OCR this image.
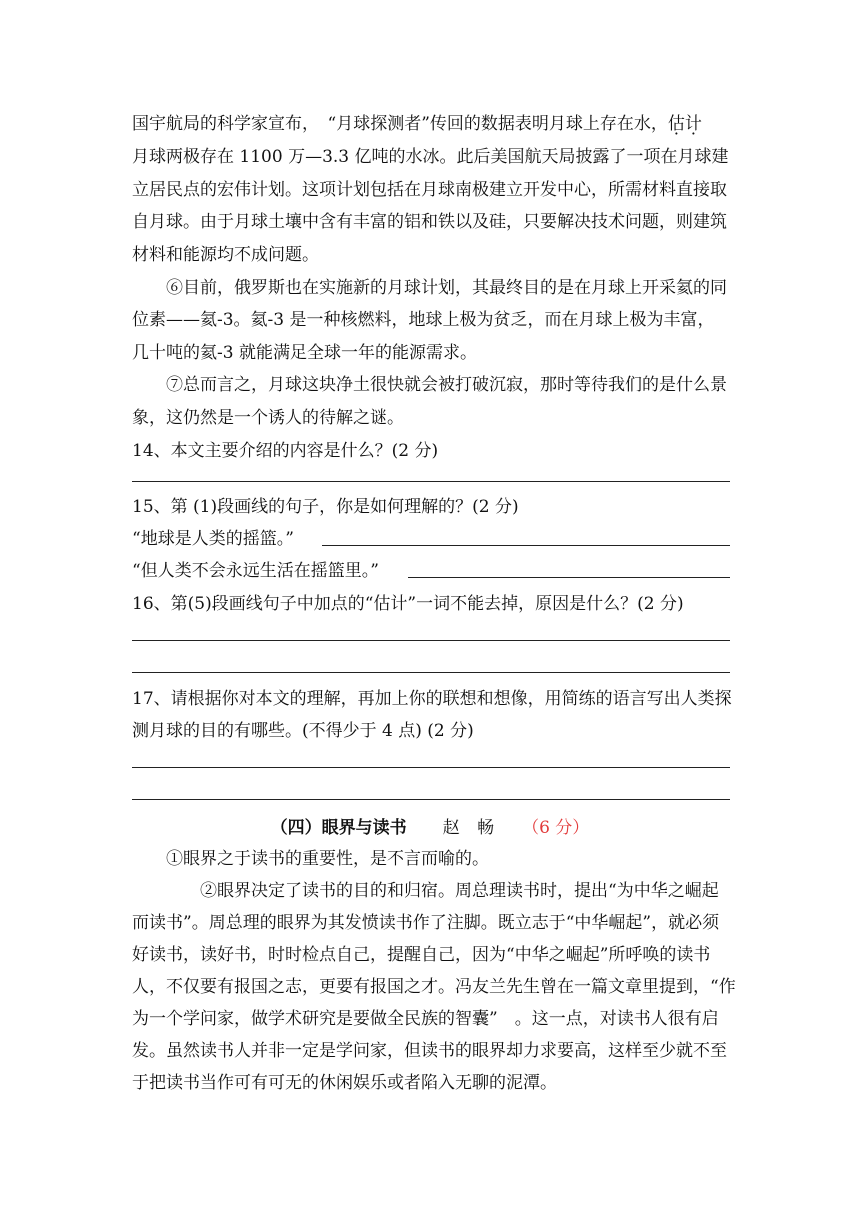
国宇航局的科学家宣布，　“月球探测者”传回的数据表明月球上存在水，估计
月球两极存在 1100 万—3.3 亿吨的水冰。此后美国航天局披露了一项在月球建
立居民点的宏伟计划。这项计划包括在月球南极建立开发中心，所需材料直接取
自月球。由于月球土壤中含有丰富的铝和铁以及硅，只要解决技术问题，则建筑
材料和能源均不成问题。
⑥目前，俄罗斯也在实施新的月球计划，其最终目的是在月球上开采氦的同
位素——氦-3。氦-3 是一种核燃料，地球上极为贫乏，而在月球上极为丰富，
几十吨的氦-3 就能满足全球一年的能源需求。
⑦总而言之，月球这块净土很快就会被打破沉寂，那时等待我们的是什么景
象，这仍然是一个诱人的待解之谜。
14、本文主要介绍的内容是什么？(2 分)
15、第 (1)段画线的句子，你是如何理解的？(2 分)
“地球是人类的摇篮。”
“但人类不会永远生活在摇篮里。”
16、第(5)段画线句子中加点的“估计”一词不能去掉，原因是什么？(2 分)
17、请根据你对本文的理解，再加上你的联想和想像，用简练的语言写出人类探
测月球的目的有哪些。(不得少于 4 点) (2 分)
（四）眼界与读书 赵 畅 （6 分）
①眼界之于读书的重要性，是不言而喻的。
②眼界决定了读书的目的和归宿。周总理读书时，提出“为中华之崛起
而读书”。周总理的眼界为其发愤读书作了注脚。既立志于“中华崛起”，就必须
好读书，读好书，时时检点自己，提醒自己，因为“中华之崛起”所呼唤的读书
人，不仅要有报国之志，更要有报国之才。冯友兰先生曾在一篇文章里提到，“作
为一个学问家，做学术研究是要做全民族的智囊”　。这一点，对读书人很有启
发。虽然读书人并非一定是学问家，但读书的眼界却力求要高，这样至少就不至
于把读书当作可有可无的休闲娱乐或者陷入无聊的泥潭。
